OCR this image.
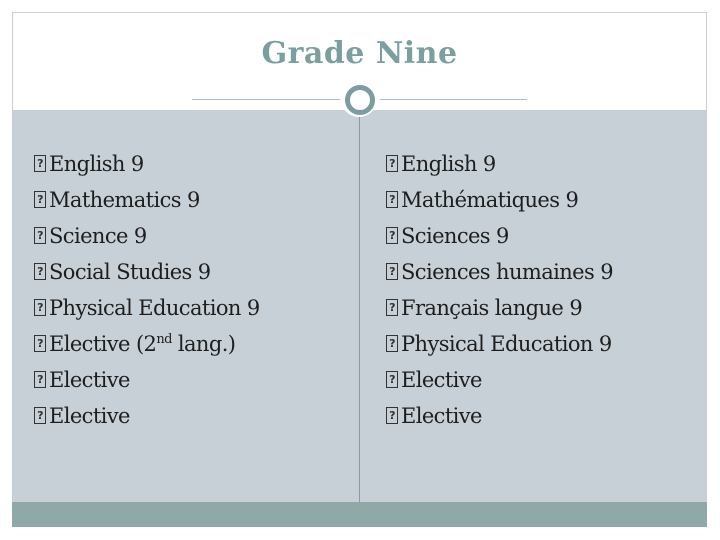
Grade Nine
?English 9
?Mathematics 9
?Science 9
?Social Studies 9
?Physical Education 9
?Elective (2nd lang.)
?Elective
?Elective
?English 9
?Mathématiques 9
?Sciences 9
?Sciences humaines 9
?Français langue 9
?Physical Education 9
?Elective
?Elective
